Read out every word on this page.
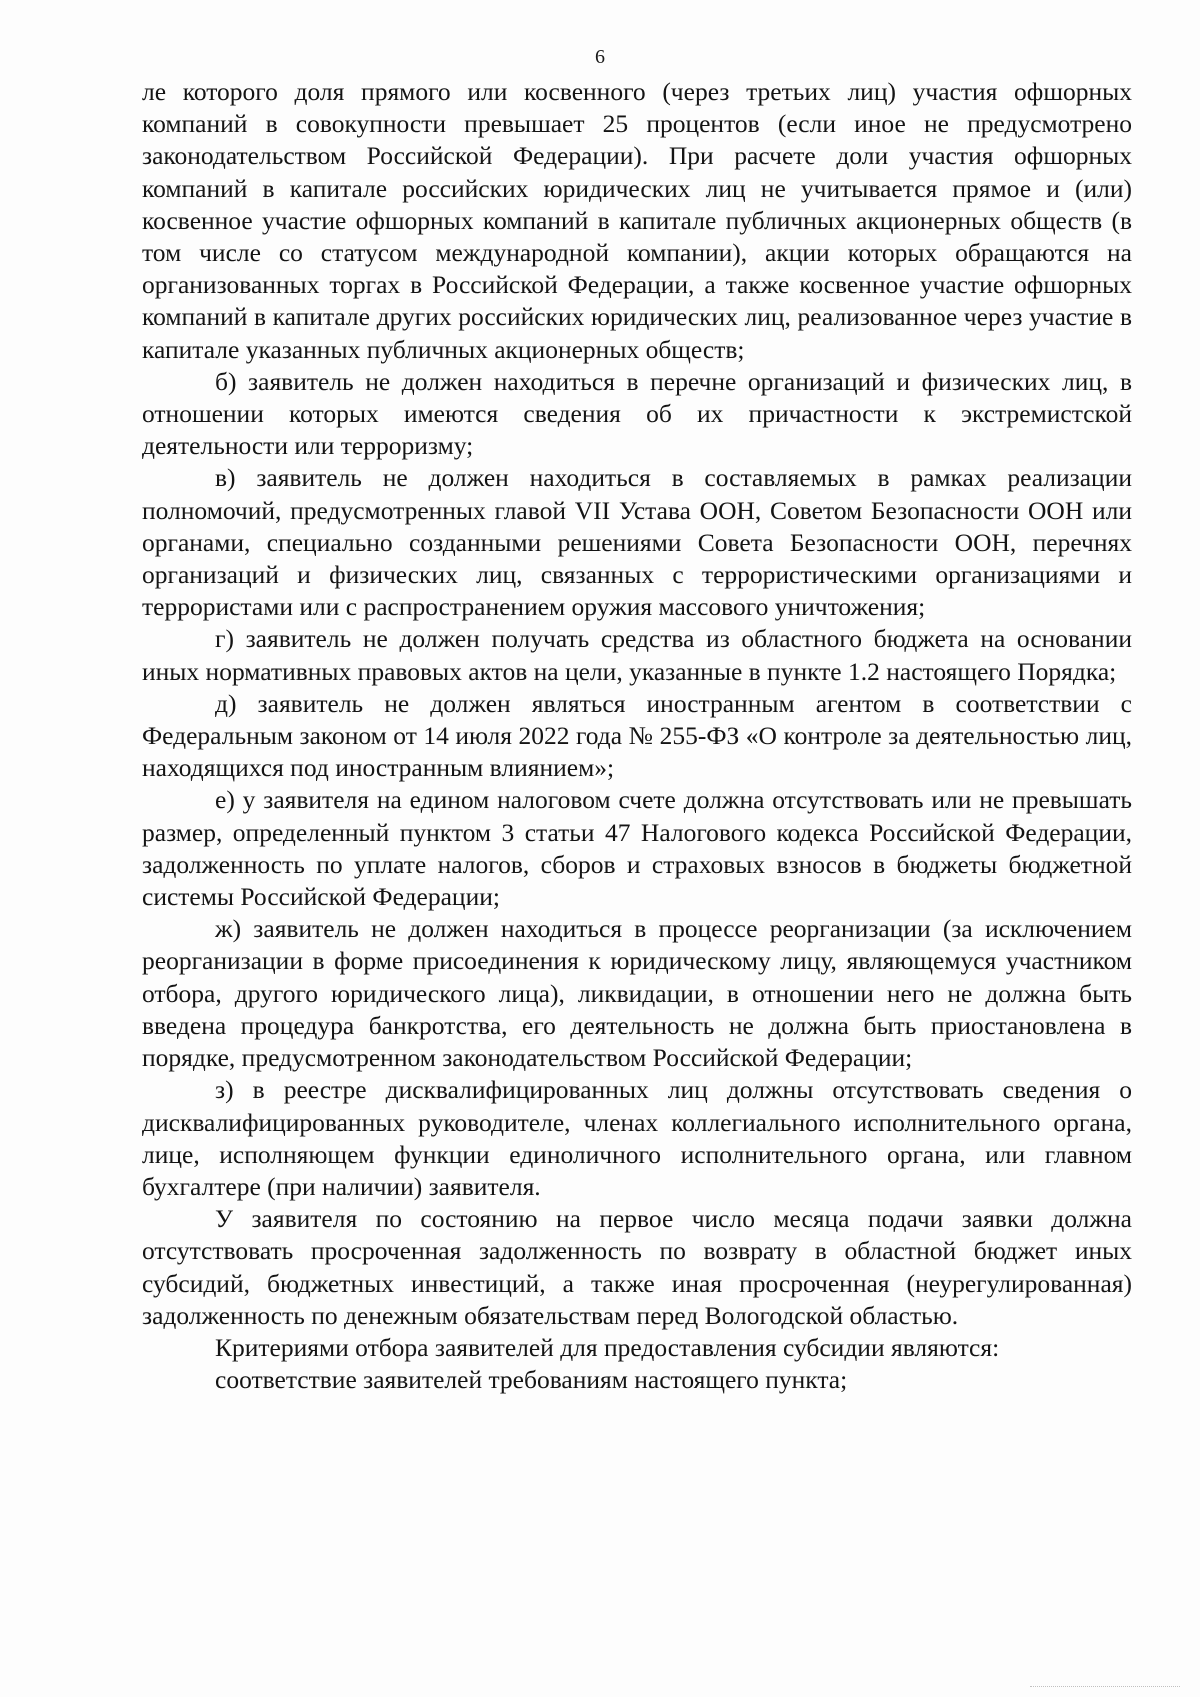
6

ле которого доля прямого или косвенного (через третьих лиц) участия офшорных компаний в совокупности превышает 25 процентов (если иное не предусмотрено законодательством Российской Федерации). При расчете доли участия офшорных компаний в капитале российских юридических лиц не учитывается прямое и (или) косвенное участие офшорных компаний в капитале публичных акционерных обществ (в том числе со статусом международной компании), акции которых обращаются на организованных торгах в Российской Федерации, а также косвенное участие офшорных компаний в капитале других российских юридических лиц, реализованное через участие в капитале указанных публичных акционерных обществ;

б) заявитель не должен находиться в перечне организаций и физических лиц, в отношении которых имеются сведения об их причастности к экстремистской деятельности или терроризму;

в) заявитель не должен находиться в составляемых в рамках реализации полномочий, предусмотренных главой VII Устава ООН, Советом Безопасности ООН или органами, специально созданными решениями Совета Безопасности ООН, перечнях организаций и физических лиц, связанных с террористическими организациями и террористами или с распространением оружия массового уничтожения;

г) заявитель не должен получать средства из областного бюджета на основании иных нормативных правовых актов на цели, указанные в пункте 1.2 настоящего Порядка;

д) заявитель не должен являться иностранным агентом в соответствии с Федеральным законом от 14 июля 2022 года № 255-ФЗ «О контроле за деятельностью лиц, находящихся под иностранным влиянием»;

е) у заявителя на едином налоговом счете должна отсутствовать или не превышать размер, определенный пунктом 3 статьи 47 Налогового кодекса Российской Федерации, задолженность по уплате налогов, сборов и страховых взносов в бюджеты бюджетной системы Российской Федерации;

ж) заявитель не должен находиться в процессе реорганизации (за исключением реорганизации в форме присоединения к юридическому лицу, являющемуся участником отбора, другого юридического лица), ликвидации, в отношении него не должна быть введена процедура банкротства, его деятельность не должна быть приостановлена в порядке, предусмотренном законодательством Российской Федерации;

з) в реестре дисквалифицированных лиц должны отсутствовать сведения о дисквалифицированных руководителе, членах коллегиального исполнительного органа, лице, исполняющем функции единоличного исполнительного органа, или главном бухгалтере (при наличии) заявителя.

У заявителя по состоянию на первое число месяца подачи заявки должна отсутствовать просроченная задолженность по возврату в областной бюджет иных субсидий, бюджетных инвестиций, а также иная просроченная (неурегулированная) задолженность по денежным обязательствам перед Вологодской областью.

Критериями отбора заявителей для предоставления субсидии являются:

соответствие заявителей требованиям настоящего пункта;
